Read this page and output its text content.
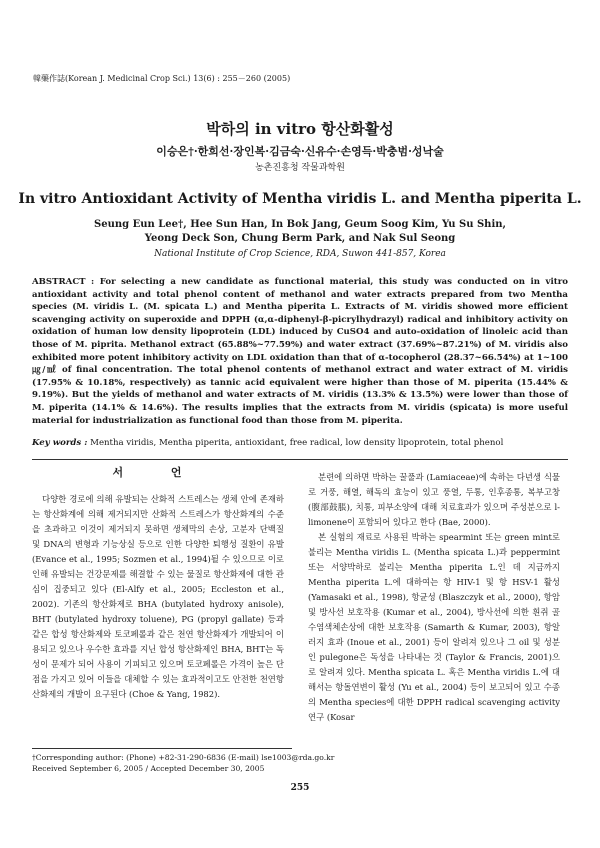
韓藥作誌(Korean J. Medicinal Crop Sci.) 13(6) : 255－260 (2005)
박하의 in vitro 항산화활성
이승은†·한희선·장인복·김금숙·신유수·손영득·박충범·성낙술
농촌진흥청 작물과학원
In vitro Antioxidant Activity of Mentha viridis L. and Mentha piperita L.
Seung Eun Lee†, Hee Sun Han, In Bok Jang, Geum Soog Kim, Yu Su Shin, Yeong Deck Son, Chung Berm Park, and Nak Sul Seong
National Institute of Crop Science, RDA, Suwon 441-857, Korea
ABSTRACT : For selecting a new candidate as functional material, this study was conducted on in vitro antioxidant activity and total phenol content of methanol and water extracts prepared from two Mentha species (M. viridis L. (M. spicata L.) and Mentha piperita L. Extracts of M. viridis showed more efficient scavenging activity on superoxide and DPPH (α,α-diphenyl-β-picrylhydrazyl) radical and inhibitory activity on oxidation of human low density lipoprotein (LDL) induced by CuSO4 and auto-oxidation of linoleic acid than those of M. piprita. Methanol extract (65.88%~77.59%) and water extract (37.69%~87.21%) of M. viridis also exhibited more potent inhibitory activity on LDL oxidation than that of α-tocopherol (28.37~66.54%) at 1~100 ㎍/㎖ of final concentration. The total phenol contents of methanol extract and water extract of M. viridis (17.95% & 10.18%, respectively) as tannic acid equivalent were higher than those of M. piperita (15.44% & 9.19%). But the yields of methanol and water extracts of M. viridis (13.3% & 13.5%) were lower than those of M. piperita (14.1% & 14.6%). The results implies that the extracts from M. viridis (spicata) is more useful material for industrialization as functional food than those from M. piperita.
Key words : Mentha viridis, Mentha piperita, antioxidant, free radical, low density lipoprotein, total phenol
서 언

다양한 경로에 의해 유발되는 산화적 스트레스는 생체 안에 존재하는 항산화계에 의해 제거되지만 산화적 스트레스가 항산화계의 수준을 초과하고 이것이 제거되지 못하면 생체막의 손상, 고분자 단백질 및 DNA의 변형과 기능상실 등으로 인한 다양한 퇴행성 질환이 유발 (Evance et al., 1995; Sozmen et al., 1994)될 수 있으므로 이로 인해 유발되는 건강문제를 해결할 수 있는 물질로 항산화제에 대한 관심이 집중되고 있다 (El-Alfy et al., 2005; Eccleston et al., 2002). 기존의 항산화제로 BHA (butylated hydroxy anisole), BHT (butylated hydroxy toluene), PG (propyl gallate) 등과 같은 합성 항산화제와 토코페롤과 같은 천연 항산화제가 개발되어 이용되고 있으나 우수한 효과를 지닌 합성 항산화제인 BHA, BHT는 독성이 문제가 되어 사용이 기피되고 있으며 토코페롤은 가격이 높은 단점을 가지고 있어 이들을 대체할 수 있는 효과적이고도 안전한 천연항산화제의 개발이 요구된다 (Choe & Yang, 1982).

분련에 의하면 박하는 꿀풀과 (Lamiaceae)에 속하는 다년생 식물로 거풍, 해열, 해독의 효능이 있고 풍열, 두통, 인후종통, 복부고창 (腹部鼓脹), 치통, 피부소양에 대해 치료효과가 있으며 주성분으로 l-limonene이 포함되어 있다고 한다 (Bae, 2000).

본 실험의 재료로 사용된 박하는 spearmint 또는 green mint로 불리는 Mentha viridis L. (Mentha spicata L.)과 peppermint 또는 서양박하로 불리는 Mentha piperita L.인 데 지금까지 Mentha piperita L.에 대하여는 항 HIV-1 및 항 HSV-1 활성 (Yamasaki et al., 1998), 항균성 (Blaszczyk et al., 2000), 항암 및 방사선 보호작용 (Kumar et al., 2004), 방사선에 의한 흰쥐 골수염색체손상에 대한 보호작용 (Samarth & Kumar, 2003), 항알러지 효과 (Inoue et al., 2001) 등이 알려져 있으나 그 oil 및 성분인 pulegone은 독성을 나타내는 것 (Taylor & Francis, 2001)으로 알려져 있다. Mentha spicata L. 혹은 Mentha viridis L.에 대해서는 항돌연변이 활성 (Yu et al., 2004) 등이 보고되어 있고 수종의 Mentha species에 대한 DPPH radical scavenging activity 연구 (Kosar

†Corresponding author: (Phone) +82-31-290-6836 (E-mail) lse1003@rda.go.kr
Received September 6, 2005 / Accepted December 30, 2005
255
